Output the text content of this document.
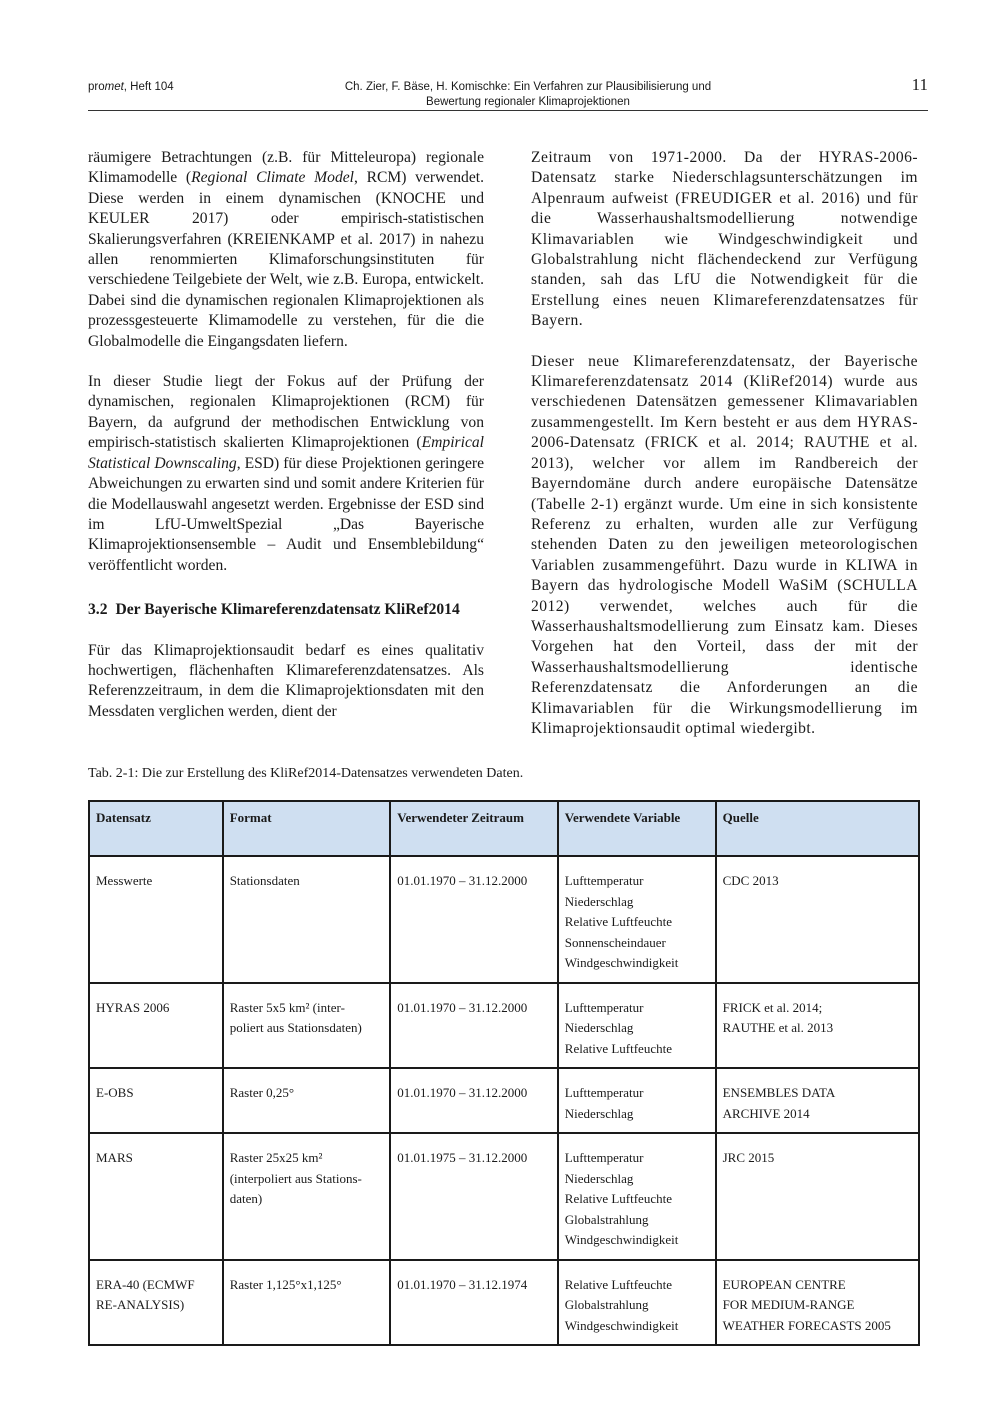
promet, Heft 104	Ch. Zier, F. Bäse, H. Komischke: Ein Verfahren zur Plausibilisierung und
Bewertung regionaler Klimaprojektionen
11

räumigere Betrachtungen (z.B. für Mitteleuropa) regionale Klimamodelle (Regional Climate Model, RCM) verwendet. Diese werden in einem dynamischen (KNOCHE und KEULER 2017) oder empirisch-statistischen Skalierungsverfahren (KREIENKAMP et al. 2017) in nahezu allen renommierten Klimaforschungsinstituten für verschiedene Teilgebiete der Welt, wie z.B. Europa, entwickelt. Dabei sind die dynamischen regionalen Klimaprojektionen als prozessgesteuerte Klimamodelle zu verstehen, für die die Globalmodelle die Eingangsdaten liefern.

In dieser Studie liegt der Fokus auf der Prüfung der dynamischen, regionalen Klimaprojektionen (RCM) für Bayern, da aufgrund der methodischen Entwicklung von empirisch-statistisch skalierten Klimaprojektionen (Empirical Statistical Downscaling, ESD) für diese Projektionen geringere Abweichungen zu erwarten sind und somit andere Kriterien für die Modellauswahl angesetzt werden. Ergebnisse der ESD sind im LfU-UmweltSpezial „Das Bayerische Klimaprojektionsensemble – Audit und Ensemblebildung“ veröffentlicht worden.

3.2 Der Bayerische Klimareferenzdatensatz KliRef2014

Für das Klimaprojektionsaudit bedarf es eines qualitativ hochwertigen, flächenhaften Klimareferenzdatensatzes. Als Referenzzeitraum, in dem die Klimaprojektionsdaten mit den Messdaten verglichen werden, dient der

Zeitraum von 1971-2000. Da der HYRAS-2006-Datensatz starke Niederschlagsunterschätzungen im Alpenraum aufweist (FREUDIGER et al. 2016) und für die Wasserhaushaltsmodellierung notwendige Klimavariablen wie Windgeschwindigkeit und Globalstrahlung nicht flächendeckend zur Verfügung standen, sah das LfU die Notwendigkeit für die Erstellung eines neuen Klimareferenzdatensatzes für Bayern.

Dieser neue Klimareferenzdatensatz, der Bayerische Klimareferenzdatensatz 2014 (KliRef2014) wurde aus verschiedenen Datensätzen gemessener Klimavariablen zusammengestellt. Im Kern besteht er aus dem HYRAS-2006-Datensatz (FRICK et al. 2014; RAUTHE et al. 2013), welcher vor allem im Randbereich der Bayerndomäne durch andere europäische Datensätze (Tabelle 2-1) ergänzt wurde. Um eine in sich konsistente Referenz zu erhalten, wurden alle zur Verfügung stehenden Daten zu den jeweiligen meteorologischen Variablen zusammengeführt. Dazu wurde in KLIWA in Bayern das hydrologische Modell WaSiM (SCHULLA 2012) verwendet, welches auch für die Wasserhaushaltsmodellierung zum Einsatz kam. Dieses Vorgehen hat den Vorteil, dass der mit der Wasserhaushaltsmodellierung identische Referenzdatensatz die Anforderungen an die Klimavariablen für die Wirkungsmodellierung im Klimaprojektionsaudit optimal wiedergibt.

Tab. 2-1: Die zur Erstellung des KliRef2014-Datensatzes verwendeten Daten.
Datensatz	Format	Verwendeter Zeitraum	Verwendete Variable	Quelle

Messwerte	Stationsdaten	01.01.1970 – 31.12.2000	Lufttemperatur
Niederschlag
Relative Luftfeuchte
Sonnenscheindauer
Windgeschwindigkeit	CDC 2013

HYRAS 2006	Raster 5x5 km² (inter-
poliert aus Stationsdaten)	01.01.1970 – 31.12.2000	Lufttemperatur
Niederschlag
Relative Luftfeuchte	FRICK et al. 2014;
RAUTHE et al. 2013

E-OBS	Raster 0,25°	01.01.1970 – 31.12.2000	Lufttemperatur
Niederschlag	ENSEMBLES DATA
ARCHIVE 2014

MARS	Raster 25x25 km²
(interpoliert aus Stations-
daten)	01.01.1975 – 31.12.2000	Lufttemperatur
Niederschlag
Relative Luftfeuchte
Globalstrahlung
Windgeschwindigkeit	JRC 2015

ERA-40 (ECMWF
RE-ANALYSIS)	Raster 1,125°x1,125°	01.01.1970 – 31.12.1974	Relative Luftfeuchte
Globalstrahlung
Windgeschwindigkeit	EUROPEAN CENTRE
FOR MEDIUM-RANGE
WEATHER FORECASTS 2005
